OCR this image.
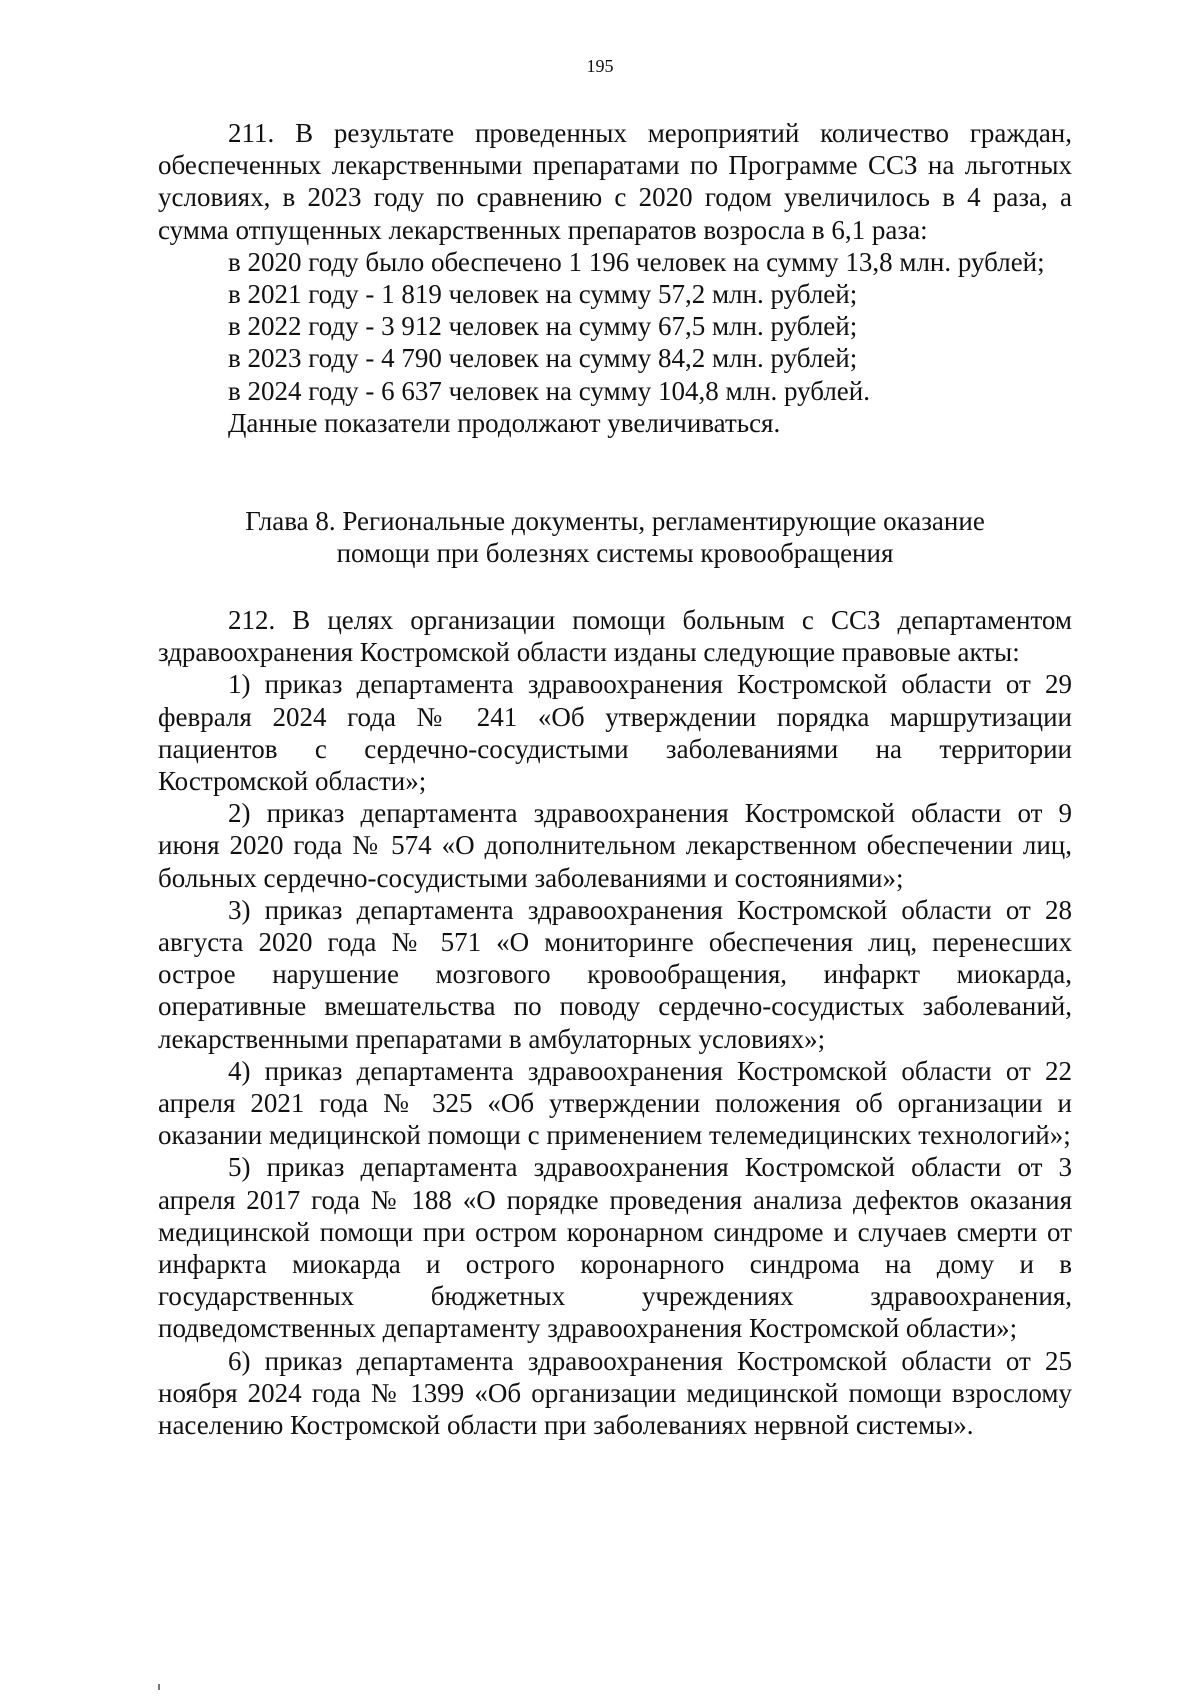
195

211. В результате проведенных мероприятий количество граждан, обеспеченных лекарственными препаратами по Программе ССЗ на льготных условиях, в 2023 году по сравнению с 2020 годом увеличилось в 4 раза, а сумма отпущенных лекарственных препаратов возросла в 6,1 раза:

в 2020 году было обеспечено 1 196 человек на сумму 13,8 млн. рублей;

в 2021 году - 1 819 человек на сумму 57,2 млн. рублей;

в 2022 году - 3 912 человек на сумму 67,5 млн. рублей;

в 2023 году - 4 790 человек на сумму 84,2 млн. рублей;

в 2024 году - 6 637 человек на сумму 104,8 млн. рублей.

Данные показатели продолжают увеличиваться.

Глава 8. Региональные документы, регламентирующие оказание
помощи при болезнях системы кровообращения

212. В целях организации помощи больным с ССЗ департаментом здравоохранения Костромской области изданы следующие правовые акты:

1) приказ департамента здравоохранения Костромской области от 29 февраля 2024 года № 241 «Об утверждении порядка маршрутизации пациентов с сердечно-сосудистыми заболеваниями на территории Костромской области»;

2) приказ департамента здравоохранения Костромской области от 9 июня 2020 года № 574 «О дополнительном лекарственном обеспечении лиц, больных сердечно-сосудистыми заболеваниями и состояниями»;

3) приказ департамента здравоохранения Костромской области от 28 августа 2020 года № 571 «О мониторинге обеспечения лиц, перенесших острое нарушение мозгового кровообращения, инфаркт миокарда, оперативные вмешательства по поводу сердечно-сосудистых заболеваний, лекарственными препаратами в амбулаторных условиях»;

4) приказ департамента здравоохранения Костромской области от 22 апреля 2021 года № 325 «Об утверждении положения об организации и оказании медицинской помощи с применением телемедицинских технологий»;

5) приказ департамента здравоохранения Костромской области от 3 апреля 2017 года № 188 «О порядке проведения анализа дефектов оказания медицинской помощи при остром коронарном синдроме и случаев смерти от инфаркта миокарда и острого коронарного синдрома на дому и в государственных бюджетных учреждениях здравоохранения, подведомственных департаменту здравоохранения Костромской области»;

6) приказ департамента здравоохранения Костромской области от 25 ноября 2024 года № 1399 «Об организации медицинской помощи взрослому населению Костромской области при заболеваниях нервной системы».
